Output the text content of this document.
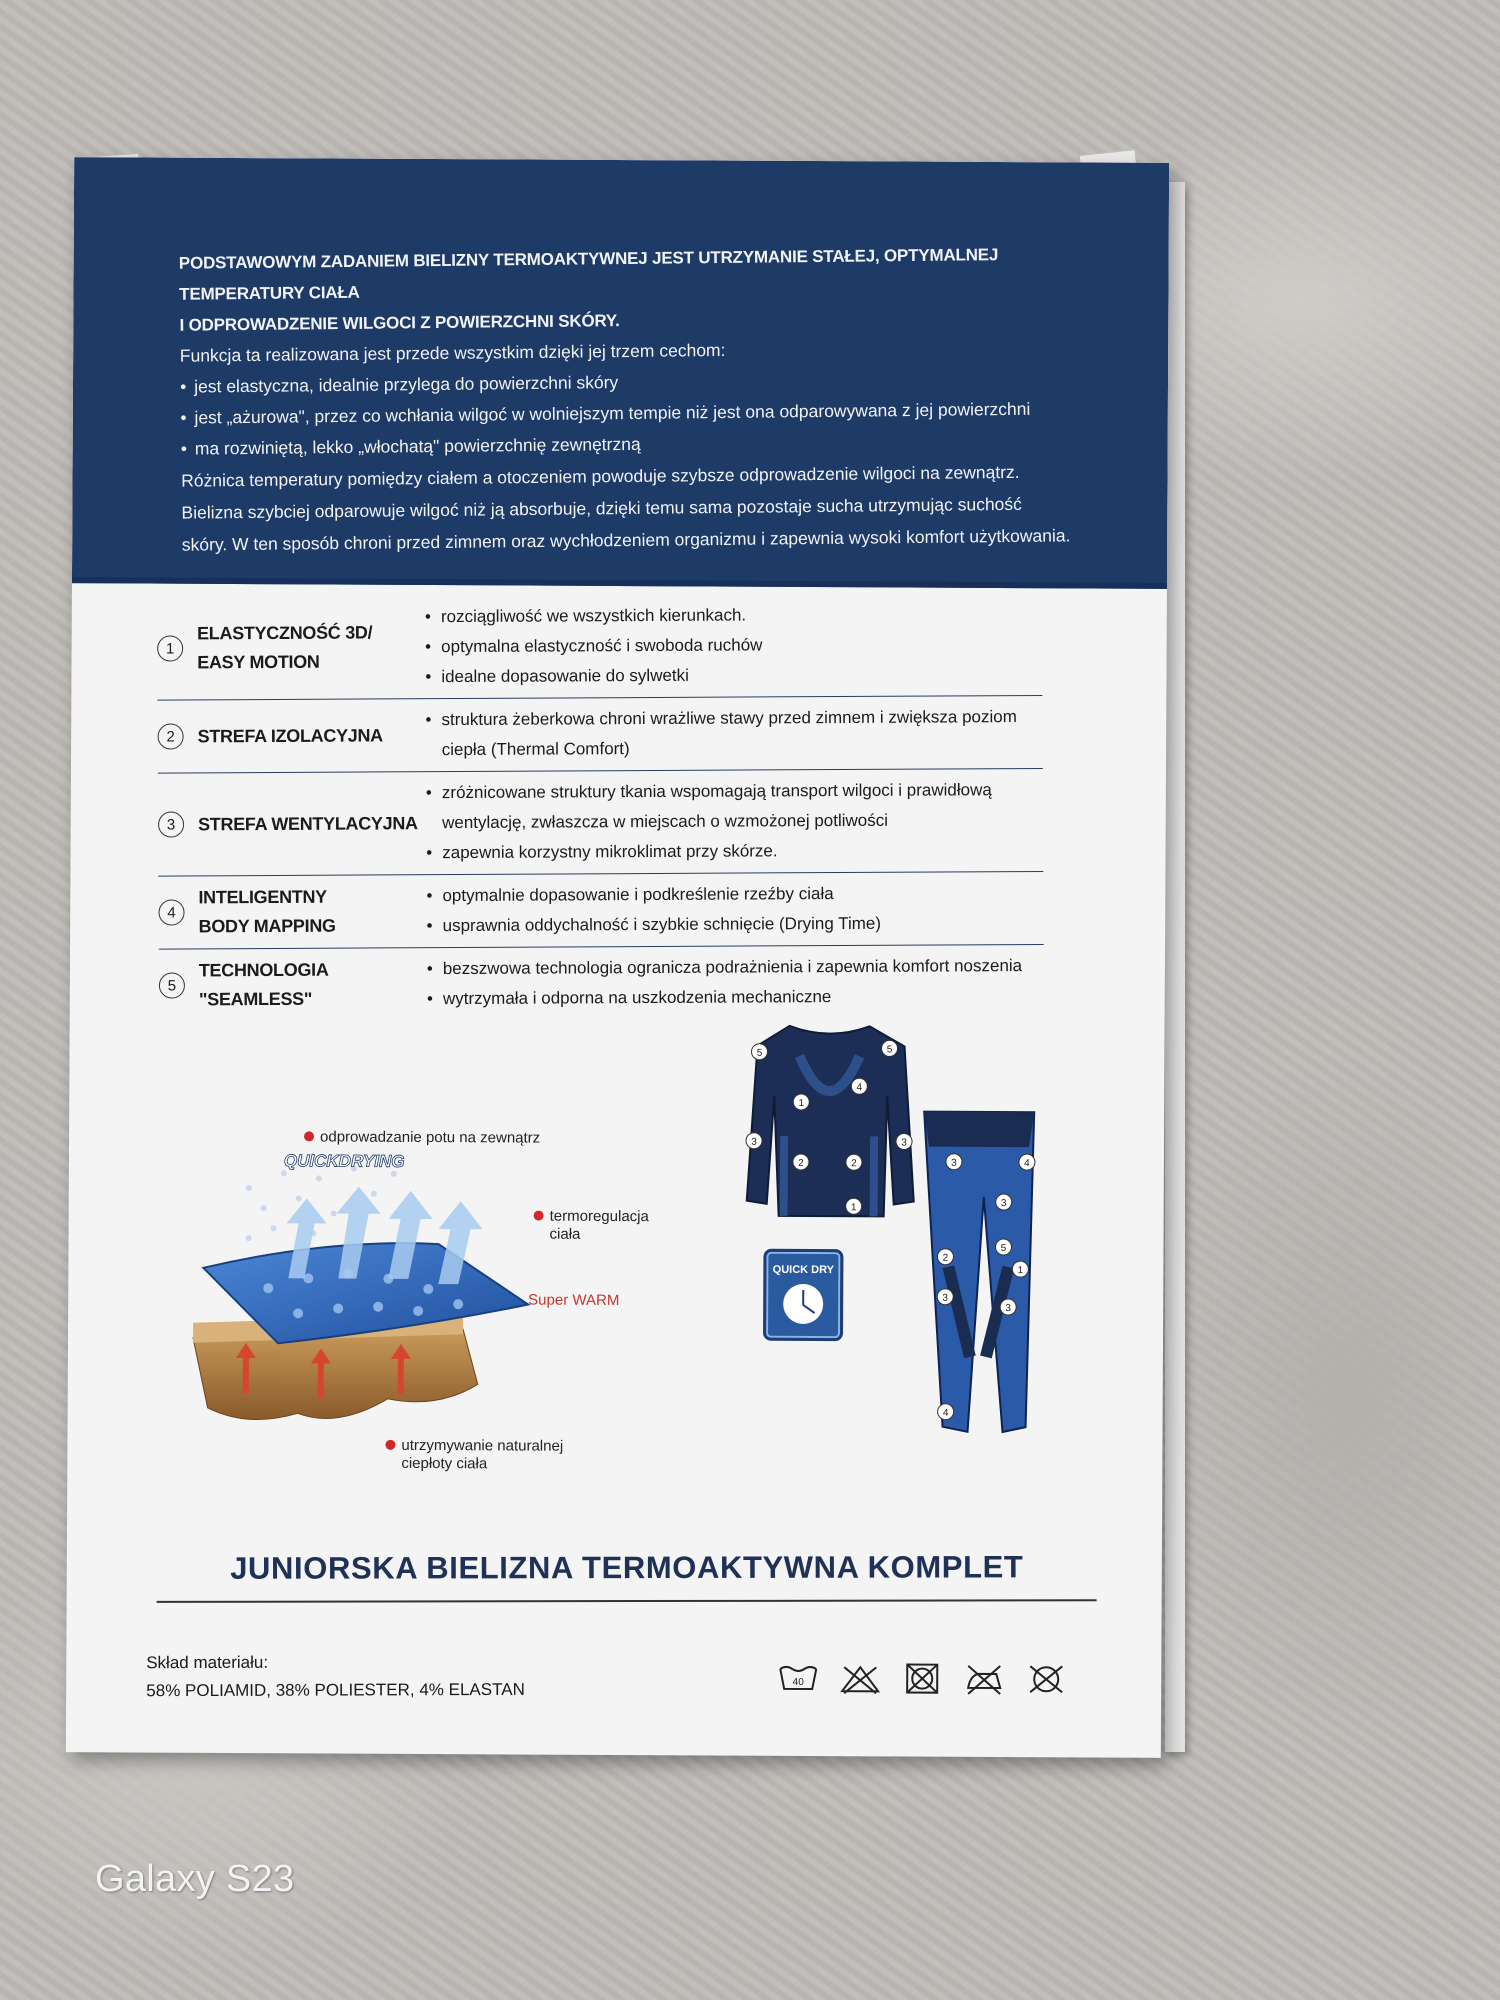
PODSTAWOWYM ZADANIEM BIELIZNY TERMOAKTYWNEJ JEST UTRZYMANIE STAŁEJ, OPTYMALNEJ TEMPERATURY CIAŁA
I ODPROWADZENIE WILGOCI Z POWIERZCHNI SKÓRY.
Funkcja ta realizowana jest przede wszystkim dzięki jej trzem cechom:
• jest elastyczna, idealnie przylega do powierzchni skóry
• jest „ażurowa", przez co wchłania wilgoć w wolniejszym tempie niż jest ona odparowywana z jej powierzchni
• ma rozwiniętą, lekko „włochatą" powierzchnię zewnętrzną
Różnica temperatury pomiędzy ciałem a otoczeniem powoduje szybsze odprowadzenie wilgoci na zewnątrz. Bielizna szybciej odparowuje wilgoć niż ją absorbuje, dzięki temu sama pozostaje sucha utrzymując suchość skóry. W ten sposób chroni przed zimnem oraz wychłodzeniem organizmu i zapewnia wysoki komfort użytkowania.
1
ELASTYCZNOŚĆ 3D/
EASY MOTION
• rozciągliwość we wszystkich kierunkach.
• optymalna elastyczność i swoboda ruchów
• idealne dopasowanie do sylwetki
2	STREFA IZOLACYJNA
• struktura żeberkowa chroni wrażliwe stawy przed zimnem i zwiększa poziom ciepła (Thermal Comfort)
3	STREFA WENTYLACYJNA
• zróżnicowane struktury tkania wspomagają transport wilgoci i prawidłową wentylację, zwłaszcza w miejscach o wzmożonej potliwości
• zapewnia korzystny mikroklimat przy skórze.
4
INTELIGENTNY
BODY MAPPING
• optymalnie dopasowanie i podkreślenie rzeźby ciała
• usprawnia oddychalność i szybkie schnięcie (Drying Time)
5
TECHNOLOGIA "SEAMLESS"
• bezszwowa technologia ogranicza podrażnienia i zapewnia komfort noszenia
• wytrzymała i odporna na uszkodzenia mechaniczne
QUICKDRYING
odprowadzanie potu na zewnątrz
termoregulacja
ciała
Super WARM
utrzymywanie naturalnej
ciepłoty ciała
5	5
4
1
3	3
2	2
1
3	4
3
5
2
1
3
3
4
QUICK DRY
JUNIORSKA BIELIZNA TERMOAKTYWNA KOMPLET
Skład materiału:
58% POLIAMID, 38% POLIESTER, 4% ELASTAN	40
Galaxy S23
